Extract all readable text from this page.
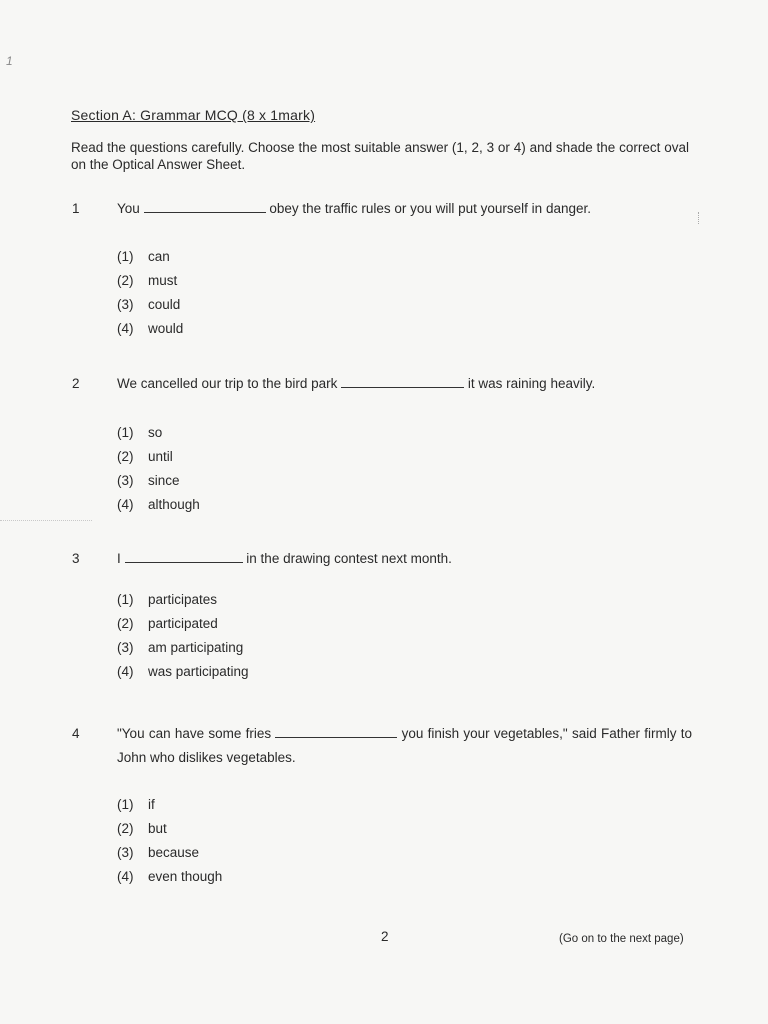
1
Section A: Grammar MCQ (8 x 1mark)
Read the questions carefully. Choose the most suitable answer (1, 2, 3 or 4) and shade the correct oval on the Optical Answer Sheet.
1	You	obey the traffic rules or you will put yourself in danger.
(1) can
(2) must
(3) could
(4) would
2	We cancelled our trip to the bird park	it was raining heavily.
(1) so
(2) until
(3) since
(4) although
3	I	in the drawing contest next month.
(1) participates
(2) participated
(3) am participating
(4) was participating
4	"You can have some fries	you finish your vegetables," said Father firmly to John who dislikes vegetables.
(1) if
(2) but
(3) because
(4) even though
2	(Go on to the next page)
